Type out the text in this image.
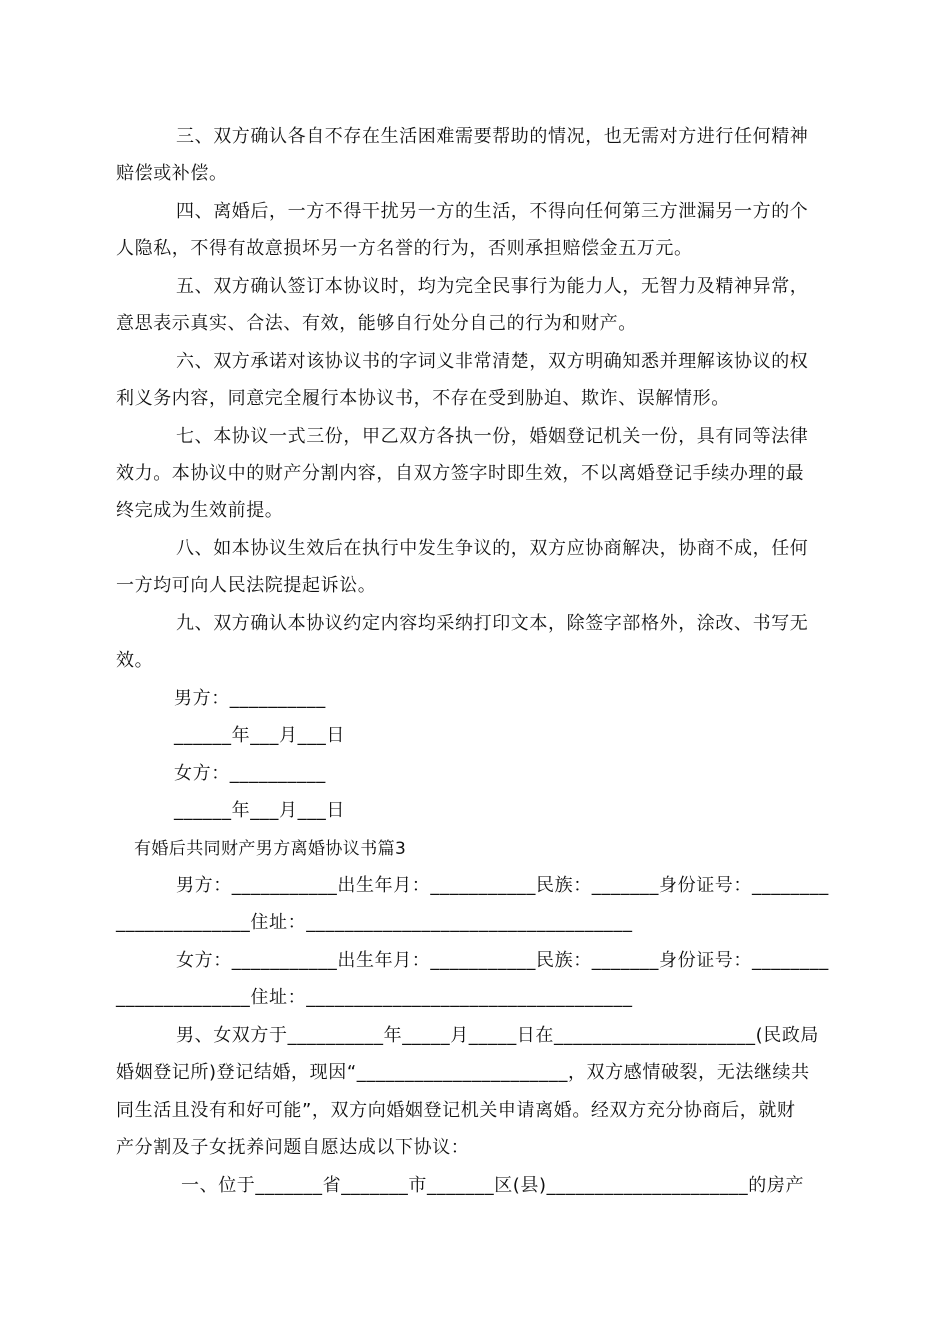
三、双方确认各自不存在生活困难需要帮助的情况，也无需对方进行任何精神
赔偿或补偿。
四、离婚后，一方不得干扰另一方的生活，不得向任何第三方泄漏另一方的个
人隐私，不得有故意损坏另一方名誉的行为，否则承担赔偿金五万元。
五、双方确认签订本协议时，均为完全民事行为能力人，无智力及精神异常，
意思表示真实、合法、有效，能够自行处分自己的行为和财产。
六、双方承诺对该协议书的字词义非常清楚，双方明确知悉并理解该协议的权
利义务内容，同意完全履行本协议书，不存在受到胁迫、欺诈、误解情形。
七、本协议一式三份，甲乙双方各执一份，婚姻登记机关一份，具有同等法律
效力。本协议中的财产分割内容，自双方签字时即生效，不以离婚登记手续办理的最
终完成为生效前提。
八、如本协议生效后在执行中发生争议的，双方应协商解决，协商不成，任何
一方均可向人民法院提起诉讼。
九、双方确认本协议约定内容均采纳打印文本，除签字部格外，涂改、书写无
效。
男方：__________
______年___月___日
女方：__________
______年___月___日
有婚后共同财产男方离婚协议书篇3
男方：___________出生年月：___________民族：_______身份证号：________
______________住址：__________________________________
女方：___________出生年月：___________民族：_______身份证号：________
______________住址：__________________________________
男、女双方于__________年_____月_____日在_____________________(民政局
婚姻登记所)登记结婚，现因“______________________，双方感情破裂，无法继续共
同生活且没有和好可能”，双方向婚姻登记机关申请离婚。经双方充分协商后，就财
产分割及子女抚养问题自愿达成以下协议：
一、位于_______省_______市_______区(县)_____________________的房产
